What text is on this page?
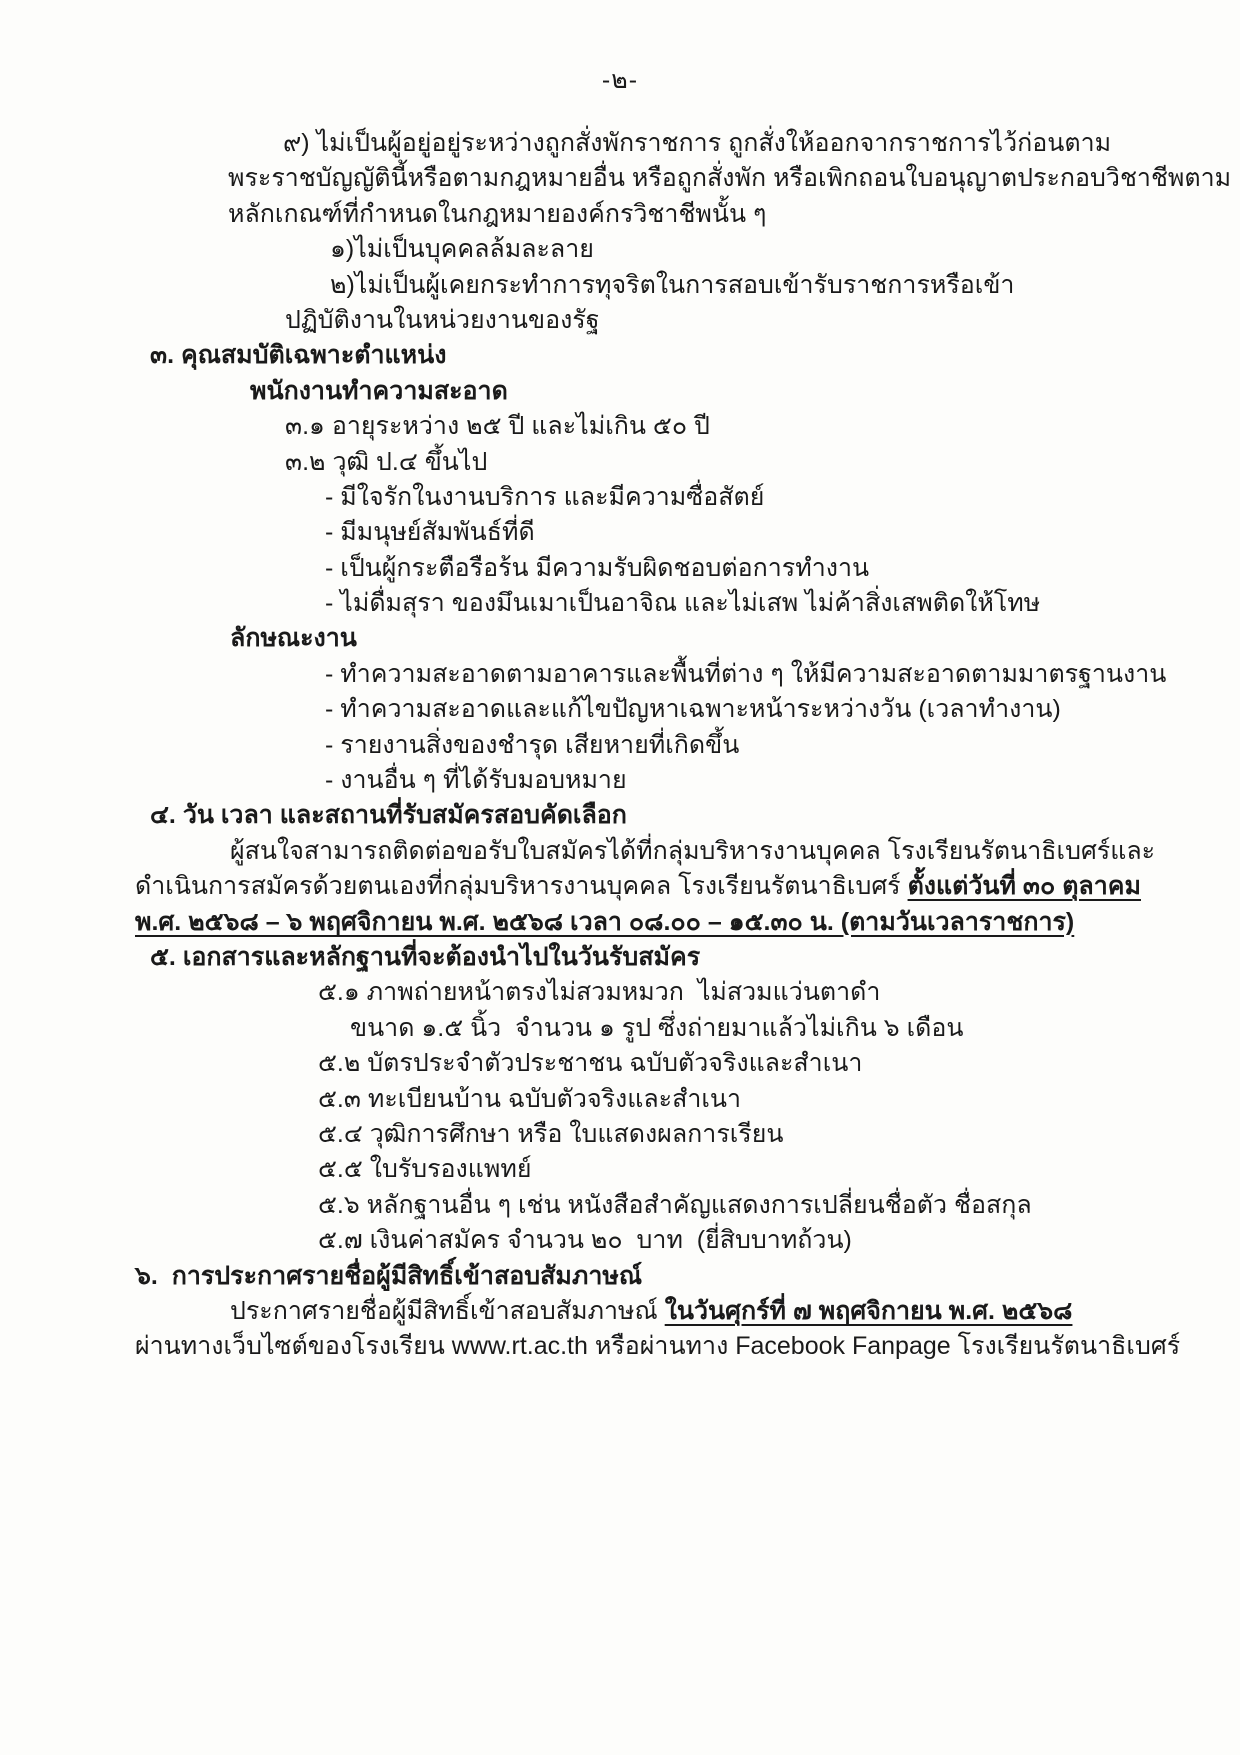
-๒-
๙) ไม่เป็นผู้อยู่อยู่ระหว่างถูกสั่งพักราชการ ถูกสั่งให้ออกจากราชการไว้ก่อนตาม
พระราชบัญญัตินี้หรือตามกฎหมายอื่น หรือถูกสั่งพัก หรือเพิกถอนใบอนุญาตประกอบวิชาชีพตาม
หลักเกณฑ์ที่กำหนดในกฎหมายองค์กรวิชาชีพนั้น ๆ
๑)ไม่เป็นบุคคลล้มละลาย
๒)ไม่เป็นผู้เคยกระทำการทุจริตในการสอบเข้ารับราชการหรือเข้า
ปฏิบัติงานในหน่วยงานของรัฐ
๓. คุณสมบัติเฉพาะตำแหน่ง
พนักงานทำความสะอาด
๓.๑ อายุระหว่าง ๒๕ ปี และไม่เกิน ๕๐ ปี
๓.๒ วุฒิ ป.๔ ขึ้นไป
- มีใจรักในงานบริการ และมีความซื่อสัตย์
- มีมนุษย์สัมพันธ์ที่ดี
- เป็นผู้กระตือรือร้น มีความรับผิดชอบต่อการทำงาน
- ไม่ดื่มสุรา ของมึนเมาเป็นอาจิณ และไม่เสพ ไม่ค้าสิ่งเสพติดให้โทษ
ลักษณะงาน
- ทำความสะอาดตามอาคารและพื้นที่ต่าง ๆ ให้มีความสะอาดตามมาตรฐานงาน
- ทำความสะอาดและแก้ไขปัญหาเฉพาะหน้าระหว่างวัน (เวลาทำงาน)
- รายงานสิ่งของชำรุด เสียหายที่เกิดขึ้น
- งานอื่น ๆ ที่ได้รับมอบหมาย
๔. วัน เวลา และสถานที่รับสมัครสอบคัดเลือก
ผู้สนใจสามารถติดต่อขอรับใบสมัครได้ที่กลุ่มบริหารงานบุคคล โรงเรียนรัตนาธิเบศร์และ
ดำเนินการสมัครด้วยตนเองที่กลุ่มบริหารงานบุคคล โรงเรียนรัตนาธิเบศร์ ตั้งแต่วันที่ ๓๐ ตุลาคม
พ.ศ. ๒๕๖๘ – ๖ พฤศจิกายน พ.ศ. ๒๕๖๘ เวลา ๐๘.๐๐ – ๑๕.๓๐ น. (ตามวันเวลาราชการ)
๕. เอกสารและหลักฐานที่จะต้องนำไปในวันรับสมัคร
๕.๑ ภาพถ่ายหน้าตรงไม่สวมหมวก  ไม่สวมแว่นตาดำ
ขนาด ๑.๕ นิ้ว  จำนวน ๑ รูป ซึ่งถ่ายมาแล้วไม่เกิน ๖ เดือน
๕.๒ บัตรประจำตัวประชาชน ฉบับตัวจริงและสำเนา
๕.๓ ทะเบียนบ้าน ฉบับตัวจริงและสำเนา
๕.๔ วุฒิการศึกษา หรือ ใบแสดงผลการเรียน
๕.๕ ใบรับรองแพทย์
๕.๖ หลักฐานอื่น ๆ เช่น หนังสือสำคัญแสดงการเปลี่ยนชื่อตัว ชื่อสกุล
๕.๗ เงินค่าสมัคร จำนวน ๒๐  บาท  (ยี่สิบบาทถ้วน)
๖.  การประกาศรายชื่อผู้มีสิทธิ์เข้าสอบสัมภาษณ์
ประกาศรายชื่อผู้มีสิทธิ์เข้าสอบสัมภาษณ์ ในวันศุกร์ที่ ๗ พฤศจิกายน พ.ศ. ๒๕๖๘
ผ่านทางเว็บไซต์ของโรงเรียน www.rt.ac.th หรือผ่านทาง Facebook Fanpage โรงเรียนรัตนาธิเบศร์
